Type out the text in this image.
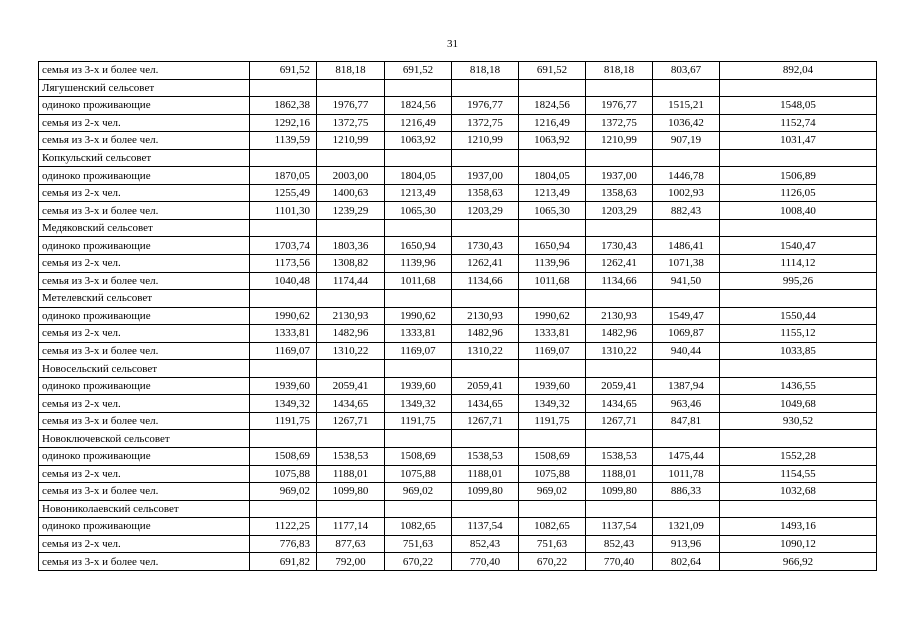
31
семья из 3-х и более чел.	691,52	818,18	691,52	818,18	691,52	818,18	803,67	892,04
Лягушенский сельсовет								
одиноко проживающие	1862,38	1976,77	1824,56	1976,77	1824,56	1976,77	1515,21	1548,05
семья из 2-х чел.	1292,16	1372,75	1216,49	1372,75	1216,49	1372,75	1036,42	1152,74
семья из 3-х и более чел.	1139,59	1210,99	1063,92	1210,99	1063,92	1210,99	907,19	1031,47
Копкульский сельсовет								
одиноко проживающие	1870,05	2003,00	1804,05	1937,00	1804,05	1937,00	1446,78	1506,89
семья из 2-х чел.	1255,49	1400,63	1213,49	1358,63	1213,49	1358,63	1002,93	1126,05
семья из 3-х и более чел.	1101,30	1239,29	1065,30	1203,29	1065,30	1203,29	882,43	1008,40
Медяковский сельсовет								
одиноко проживающие	1703,74	1803,36	1650,94	1730,43	1650,94	1730,43	1486,41	1540,47
семья из 2-х чел.	1173,56	1308,82	1139,96	1262,41	1139,96	1262,41	1071,38	1114,12
семья из 3-х и более чел.	1040,48	1174,44	1011,68	1134,66	1011,68	1134,66	941,50	995,26
Метелевский сельсовет								
одиноко проживающие	1990,62	2130,93	1990,62	2130,93	1990,62	2130,93	1549,47	1550,44
семья из 2-х чел.	1333,81	1482,96	1333,81	1482,96	1333,81	1482,96	1069,87	1155,12
семья из 3-х и более чел.	1169,07	1310,22	1169,07	1310,22	1169,07	1310,22	940,44	1033,85
Новосельский сельсовет								
одиноко проживающие	1939,60	2059,41	1939,60	2059,41	1939,60	2059,41	1387,94	1436,55
семья из 2-х чел.	1349,32	1434,65	1349,32	1434,65	1349,32	1434,65	963,46	1049,68
семья из 3-х и более чел.	1191,75	1267,71	1191,75	1267,71	1191,75	1267,71	847,81	930,52
Новоключевской сельсовет								
одиноко проживающие	1508,69	1538,53	1508,69	1538,53	1508,69	1538,53	1475,44	1552,28
семья из 2-х чел.	1075,88	1188,01	1075,88	1188,01	1075,88	1188,01	1011,78	1154,55
семья из 3-х и более чел.	969,02	1099,80	969,02	1099,80	969,02	1099,80	886,33	1032,68
Новониколаевский сельсовет								
одиноко проживающие	1122,25	1177,14	1082,65	1137,54	1082,65	1137,54	1321,09	1493,16
семья из 2-х чел.	776,83	877,63	751,63	852,43	751,63	852,43	913,96	1090,12
семья из 3-х и более чел.	691,82	792,00	670,22	770,40	670,22	770,40	802,64	966,92
